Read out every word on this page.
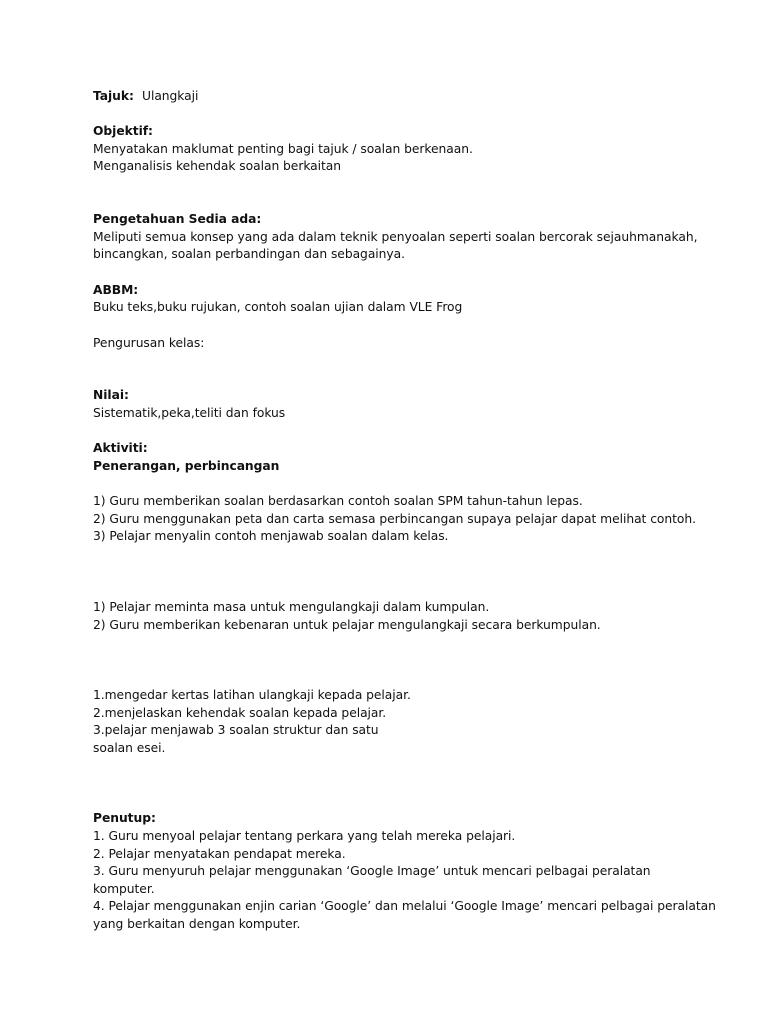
Tajuk: Ulangkaji
Objektif:
Menyatakan maklumat penting bagi tajuk / soalan berkenaan.
Menganalisis kehendak soalan berkaitan
Pengetahuan Sedia ada:
Meliputi semua konsep yang ada dalam teknik penyoalan seperti soalan bercorak sejauhmanakah,
bincangkan, soalan perbandingan dan sebagainya.
ABBM:
Buku teks,buku rujukan, contoh soalan ujian dalam VLE Frog
Pengurusan kelas:
Nilai:
Sistematik,peka,teliti dan fokus
Aktiviti:
Penerangan, perbincangan
1) Guru memberikan soalan berdasarkan contoh soalan SPM tahun-tahun lepas.
2) Guru menggunakan peta dan carta semasa perbincangan supaya pelajar dapat melihat contoh.
3) Pelajar menyalin contoh menjawab soalan dalam kelas.
1) Pelajar meminta masa untuk mengulangkaji dalam kumpulan.
2) Guru memberikan kebenaran untuk pelajar mengulangkaji secara berkumpulan.
1.mengedar kertas latihan ulangkaji kepada pelajar.
2.menjelaskan kehendak soalan kepada pelajar.
3.pelajar menjawab 3 soalan struktur dan satu
soalan esei.
Penutup:
1. Guru menyoal pelajar tentang perkara yang telah mereka pelajari.
2. Pelajar menyatakan pendapat mereka.
3. Guru menyuruh pelajar menggunakan ‘Google Image’ untuk mencari pelbagai peralatan
komputer.
4. Pelajar menggunakan enjin carian ‘Google’ dan melalui ‘Google Image’ mencari pelbagai peralatan
yang berkaitan dengan komputer.
